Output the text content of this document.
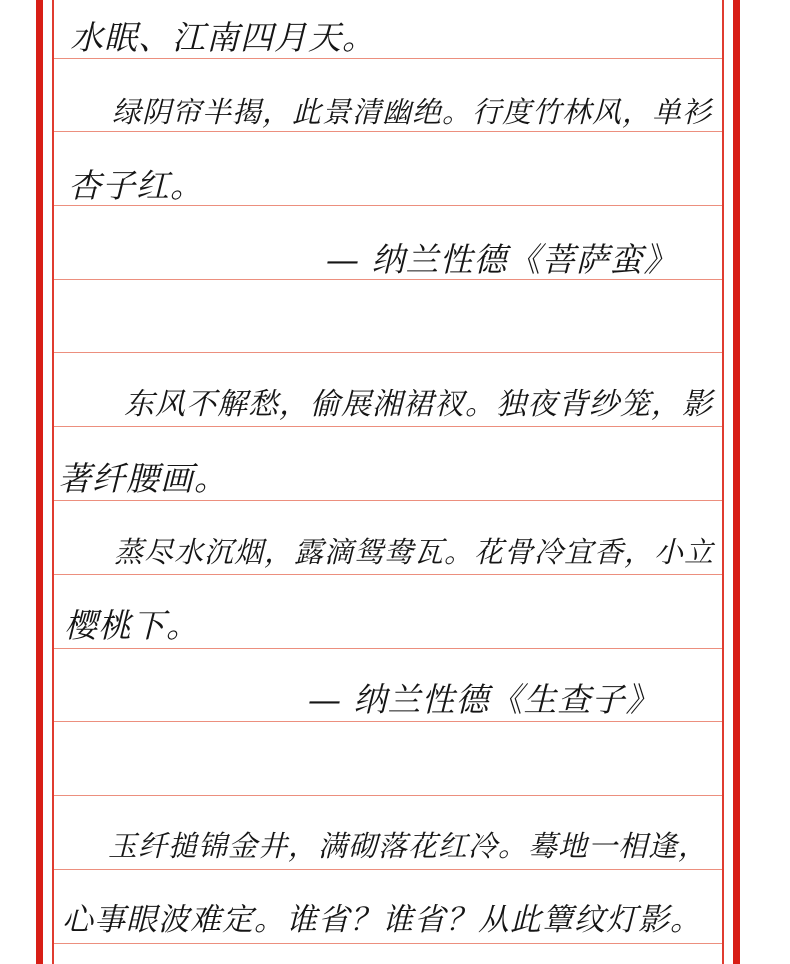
水眠、江南四月天。
绿阴帘半揭，此景清幽绝。行度竹林风，单衫
杏子红。
— 纳兰性德《菩萨蛮》
东风不解愁，偷展湘裙衩。独夜背纱笼，影
著纤腰画。
蒸尽水沉烟，露滴鸳鸯瓦。花骨冷宜香，小立
樱桃下。
— 纳兰性德《生查子》
玉纤搥锦金井，满砌落花红冷。蓦地一相逢，
心事眼波难定。谁省？谁省？从此簟纹灯影。
